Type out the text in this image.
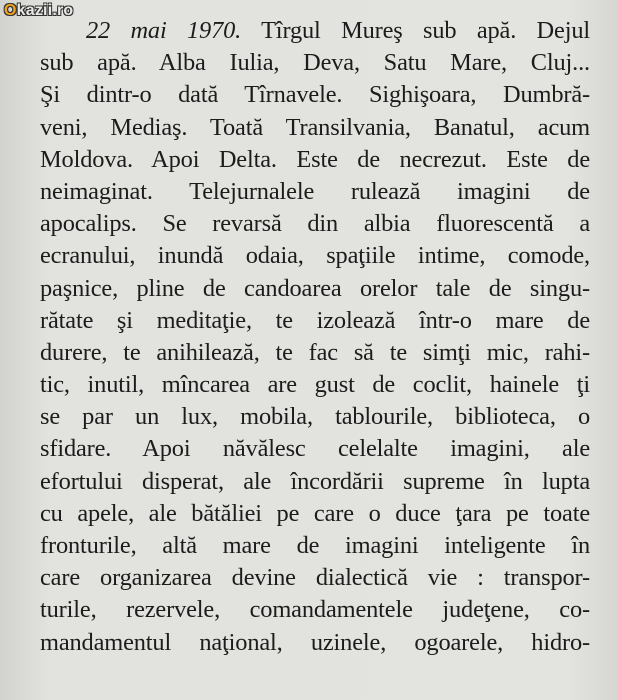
Okazii.ro
22 mai 1970. Tîrgul Mureş sub apă. Dejul
sub apă. Alba Iulia, Deva, Satu Mare, Cluj...
Şi dintr-o dată Tîrnavele. Sighişoara, Dumbră-
veni, Mediaş. Toată Transilvania, Banatul, acum
Moldova. Apoi Delta. Este de necrezut. Este de
neimaginat. Telejurnalele rulează imagini de
apocalips. Se revarsă din albia fluorescentă a
ecranului, inundă odaia, spaţiile intime, comode,
paşnice, pline de candoarea orelor tale de singu-
rătate şi meditaţie, te izolează într-o mare de
durere, te anihilează, te fac să te simţi mic, rahi-
tic, inutil, mîncarea are gust de coclit, hainele ţi
se par un lux, mobila, tablourile, biblioteca, o
sfidare. Apoi năvălesc celelalte imagini, ale
efortului disperat, ale încordării supreme în lupta
cu apele, ale bătăliei pe care o duce ţara pe toate
fronturile, altă mare de imagini inteligente în
care organizarea devine dialectică vie : transpor-
turile, rezervele, comandamentele judeţene, co-
mandamentul naţional, uzinele, ogoarele, hidro-
